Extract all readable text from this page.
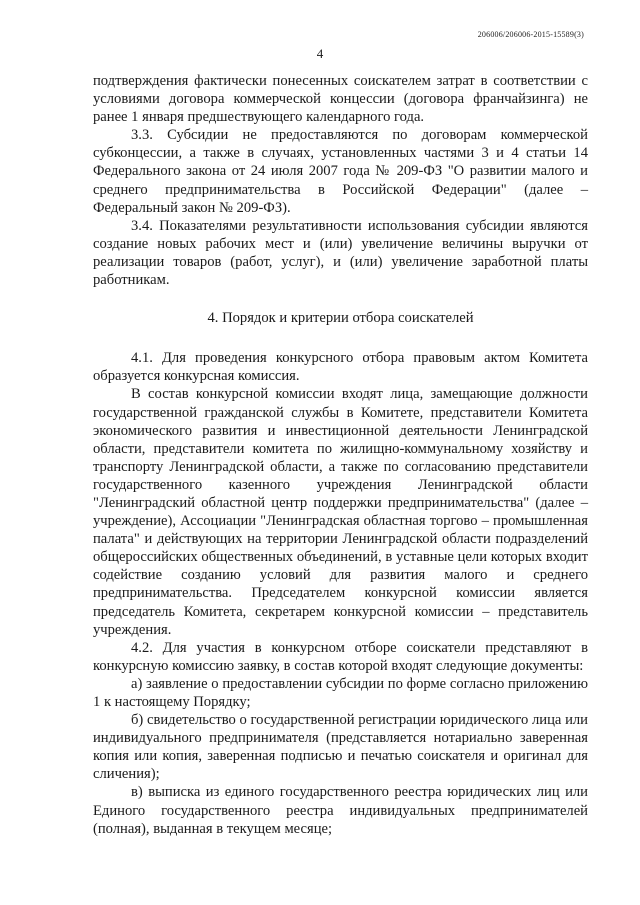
206006/206006-2015-15589(3)
4

подтверждения фактически понесенных соискателем затрат в соответствии с условиями договора коммерческой концессии (договора франчайзинга) не ранее 1 января предшествующего календарного года.

3.3. Субсидии не предоставляются по договорам коммерческой субконцессии, а также в случаях, установленных частями 3 и 4 статьи 14 Федерального закона от 24 июля 2007 года № 209-ФЗ "О развитии малого и среднего предпринимательства в Российской Федерации" (далее – Федеральный закон № 209-ФЗ).

3.4. Показателями результативности использования субсидии являются создание новых рабочих мест и (или) увеличение величины выручки от реализации товаров (работ, услуг), и (или) увеличение заработной платы работникам.

4. Порядок и критерии отбора соискателей

4.1. Для проведения конкурсного отбора правовым актом Комитета образуется конкурсная комиссия.

В состав конкурсной комиссии входят лица, замещающие должности государственной гражданской службы в Комитете, представители Комитета экономического развития и инвестиционной деятельности Ленинградской области, представители комитета по жилищно-коммунальному хозяйству и транспорту Ленинградской области, а также по согласованию представители государственного казенного учреждения Ленинградской области "Ленинградский областной центр поддержки предпринимательства" (далее – учреждение), Ассоциации "Ленинградская областная торгово – промышленная палата" и действующих на территории Ленинградской области подразделений общероссийских общественных объединений, в уставные цели которых входит содействие созданию условий для развития малого и среднего предпринимательства. Председателем конкурсной комиссии является председатель Комитета, секретарем конкурсной комиссии – представитель учреждения.

4.2. Для участия в конкурсном отборе соискатели представляют в конкурсную комиссию заявку, в состав которой входят следующие документы:

а) заявление о предоставлении субсидии по форме согласно приложению 1 к настоящему Порядку;

б) свидетельство о государственной регистрации юридического лица или индивидуального предпринимателя (представляется нотариально заверенная копия или копия, заверенная подписью и печатью соискателя и оригинал для сличения);

в) выписка из единого государственного реестра юридических лиц или Единого государственного реестра индивидуальных предпринимателей (полная), выданная в текущем месяце;
